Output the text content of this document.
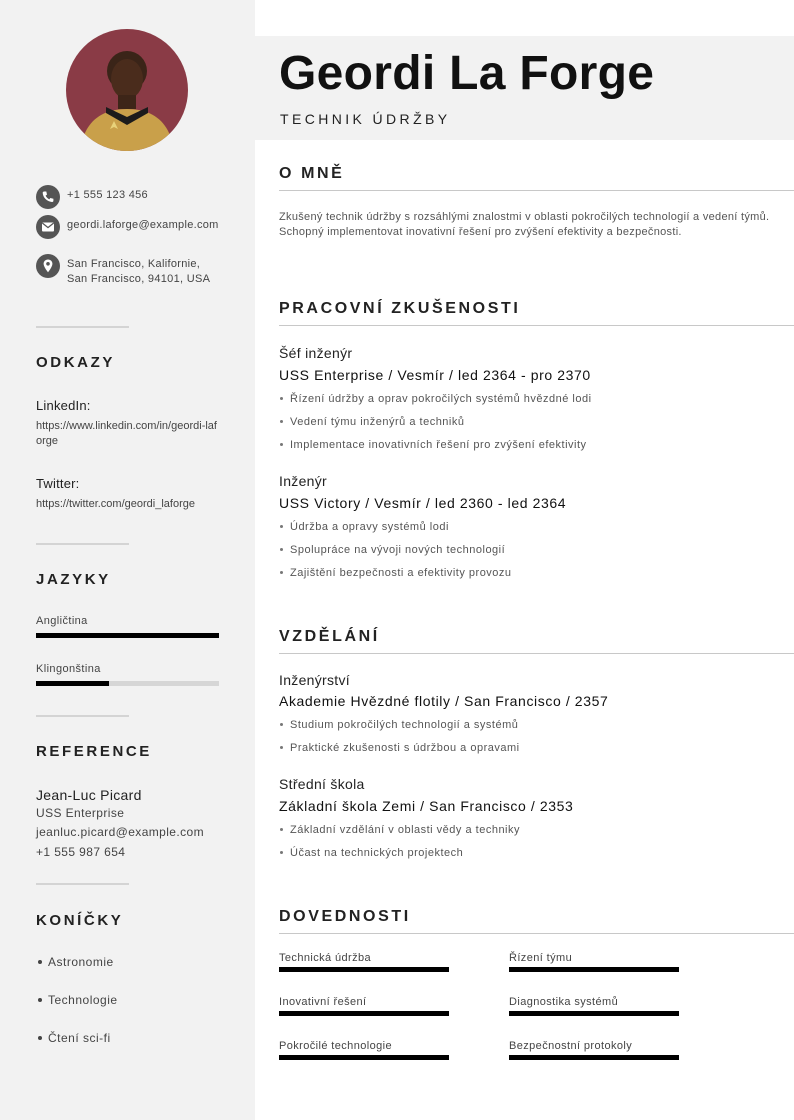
+1 555 123 456
geordi.laforge@example.com
San Francisco, Kalifornie, San Francisco, 94101, USA
ODKAZY
LinkedIn:
https://www.linkedin.com/in/geordi-laforge
Twitter:
https://twitter.com/geordi_laforge
JAZYKY
Angličtina
Klingonština
REFERENCE
Jean-Luc Picard
USS Enterprise
jeanluc.picard@example.com
+1 555 987 654
KONÍČKY
Astronomie
Technologie
Čtení sci-fi
Geordi La Forge
TECHNIK ÚDRŽBY
O MNĚ
Zkušený technik údržby s rozsáhlými znalostmi v oblasti pokročilých technologií a vedení týmů. Schopný implementovat inovativní řešení pro zvýšení efektivity a bezpečnosti.
PRACOVNÍ ZKUŠENOSTI
Šéf inženýr
USS Enterprise / Vesmír / led 2364 - pro 2370
Řízení údržby a oprav pokročilých systémů hvězdné lodi
Vedení týmu inženýrů a techniků
Implementace inovativních řešení pro zvýšení efektivity
Inženýr
USS Victory / Vesmír / led 2360 - led 2364
Údržba a opravy systémů lodi
Spolupráce na vývoji nových technologií
Zajištění bezpečnosti a efektivity provozu
VZDĚLÁNÍ
Inženýrství
Akademie Hvězdné flotily / San Francisco / 2357
Studium pokročilých technologií a systémů
Praktické zkušenosti s údržbou a opravami
Střední škola
Základní škola Zemi / San Francisco / 2353
Základní vzdělání v oblasti vědy a techniky
Účast na technických projektech
DOVEDNOSTI
Technická údržba	Řízení týmu
Inovativní řešení	Diagnostika systémů
Pokročilé technologie	Bezpečnostní protokoly
